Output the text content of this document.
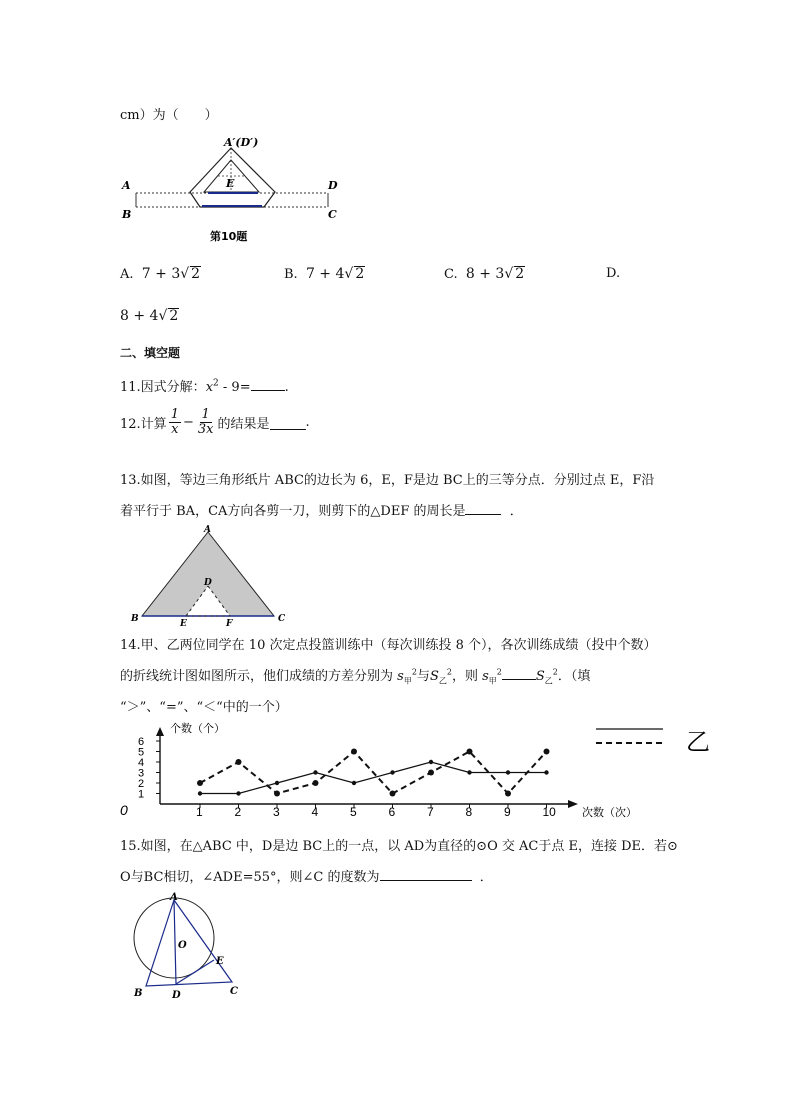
cm）为（　　）
A′(D′)
A
B	C
D
E
第10题
A. 7 + 3√ 2	B. 7 + 4√ 2	C. 8 + 3√ 2	D.
8 + 4√ 2
二、填空题
11.因式分解：$x^2 - 9=$	.
12.计算 $\frac{1}{x} - \frac{1}{3x}$ 的结果是	.
13.如图，等边三角形纸片 ABC的边长为 6，E，F是边 BC上的三等分点．分别过点 E，F沿
着平行于 BA，CA方向各剪一刀，则剪下的△DEF 的周长是	．
A
B	C
D
E	F
14.甲、乙两位同学在 10 次定点投篮训练中（每次训练投 8 个），各次训练成绩（投中个数）
的折线统计图如图所示，他们成绩的方差分别为 $s_甲^2$与$S_乙^2$，则 $s_甲^2$	$S_乙^2$．（填
“＞”、“=”、“＜“中的一个）
1
2
3
4
5
6
1	2	3	4	5	6	7	8	9	10
0
个数（个）
次数（次）
乙
15.如图，在△ABC 中，D是边 BC上的一点，以 AD为直径的⊙O 交 AC于点 E，连接 DE．若⊙
O与BC相切，∠ADE=55°，则∠C 的度数为	．
A
O
E
B	D	C
